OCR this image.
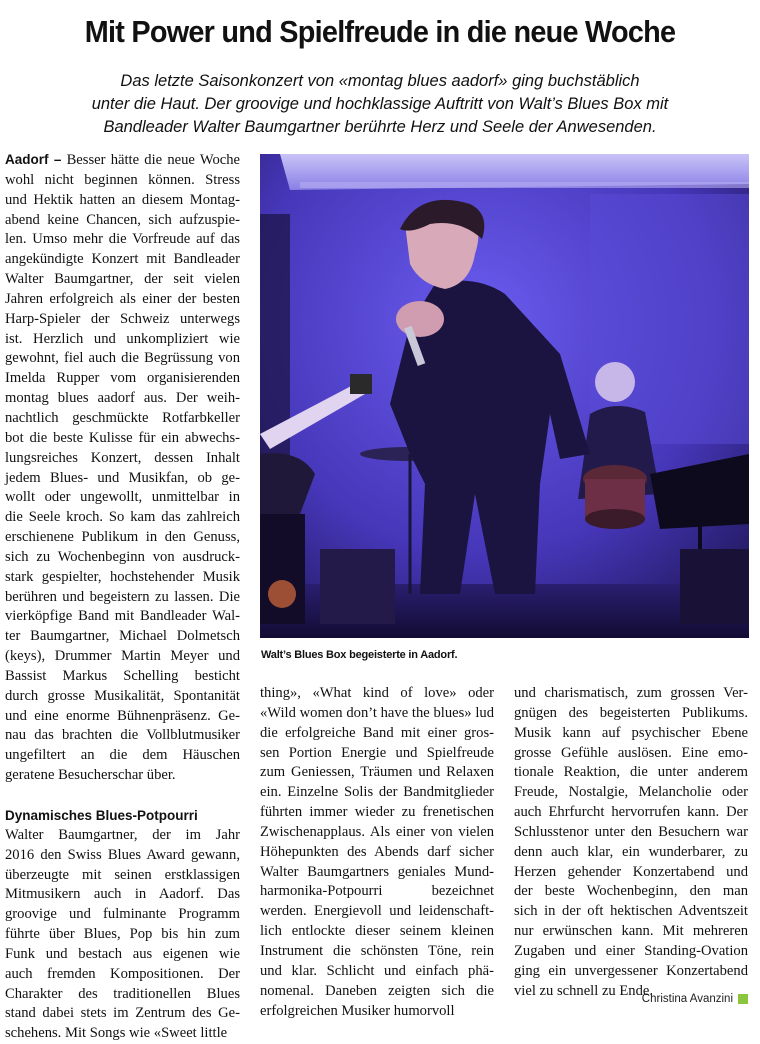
Mit Power und Spielfreude in die neue Woche

Das letzte Saisonkonzert von «montag blues aadorf» ging buchstäblich
unter die Haut. Der groovige und hochklassige Auftritt von Walt’s Blues Box mit
Bandleader Walter Baumgartner berührte Herz und Seele der Anwesenden.

Aadorf – Besser hätte die neue Woche
wohl nicht beginnen können. Stress
und Hektik hatten an diesem Montag-
abend keine Chancen, sich aufzuspie-
len. Umso mehr die Vorfreude auf das
angekündigte Konzert mit Bandleader
Walter Baumgartner, der seit vielen
Jahren erfolgreich als einer der besten
Harp-Spieler der Schweiz unterwegs
ist. Herzlich und unkompliziert wie
gewohnt, fiel auch die Begrüssung von
Imelda Rupper vom organisierenden
montag blues aadorf aus. Der weih-
nachtlich geschmückte Rotfarbkeller
bot die beste Kulisse für ein abwechs-
lungsreiches Konzert, dessen Inhalt
jedem Blues- und Musikfan, ob ge-
wollt oder ungewollt, unmittelbar in
die Seele kroch. So kam das zahlreich
erschienene Publikum in den Genuss,
sich zu Wochenbeginn von ausdruck-
stark gespielter, hochstehender Musik
berühren und begeistern zu lassen. Die
vierköpfige Band mit Bandleader Wal-
ter Baumgartner, Michael Dolmetsch
(keys), Drummer Martin Meyer und
Bassist Markus Schelling besticht
durch grosse Musikalität, Spontanität
und eine enorme Bühnenpräsenz. Ge-
nau das brachten die Vollblutmusiker
ungefiltert an die dem Häuschen
geratene Besucherschar über.
Dynamisches Blues-Potpourri
Walter Baumgartner, der im Jahr
2016 den Swiss Blues Award gewann,
überzeugte mit seinen erstklassigen
Mitmusikern auch in Aadorf. Das
groovige und fulminante Programm
führte über Blues, Pop bis hin zum
Funk und bestach aus eigenen wie
auch fremden Kompositionen. Der
Charakter des traditionellen Blues
stand dabei stets im Zentrum des Ge-
schehens. Mit Songs wie «Sweet little

Walt’s Blues Box begeisterte in Aadorf.

thing», «What kind of love» oder
«Wild women don’t have the blues» lud
die erfolgreiche Band mit einer gros-
sen Portion Energie und Spielfreude
zum Geniessen, Träumen und Relaxen
ein. Einzelne Solis der Bandmitglieder
führten immer wieder zu frenetischen
Zwischenapplaus. Als einer von vielen
Höhepunkten des Abends darf sicher
Walter Baumgartners geniales Mund-
harmonika-Potpourri bezeichnet
werden. Energievoll und leidenschaft-
lich entlockte dieser seinem kleinen
Instrument die schönsten Töne, rein
und klar. Schlicht und einfach phä-
nomenal. Daneben zeigten sich die
erfolgreichen Musiker humorvoll
und charismatisch, zum grossen Ver-
gnügen des begeisterten Publikums.
Musik kann auf psychischer Ebene
grosse Gefühle auslösen. Eine emo-
tionale Reaktion, die unter anderem
Freude, Nostalgie, Melancholie oder
auch Ehrfurcht hervorrufen kann. Der
Schlusstenor unter den Besuchern war
denn auch klar, ein wunderbarer, zu
Herzen gehender Konzertabend und
der beste Wochenbeginn, den man
sich in der oft hektischen Adventszeit
nur erwünschen kann. Mit mehreren
Zugaben und einer Standing-Ovation
ging ein unvergessener Konzertabend
viel zu schnell zu Ende.
Christina Avanzini
